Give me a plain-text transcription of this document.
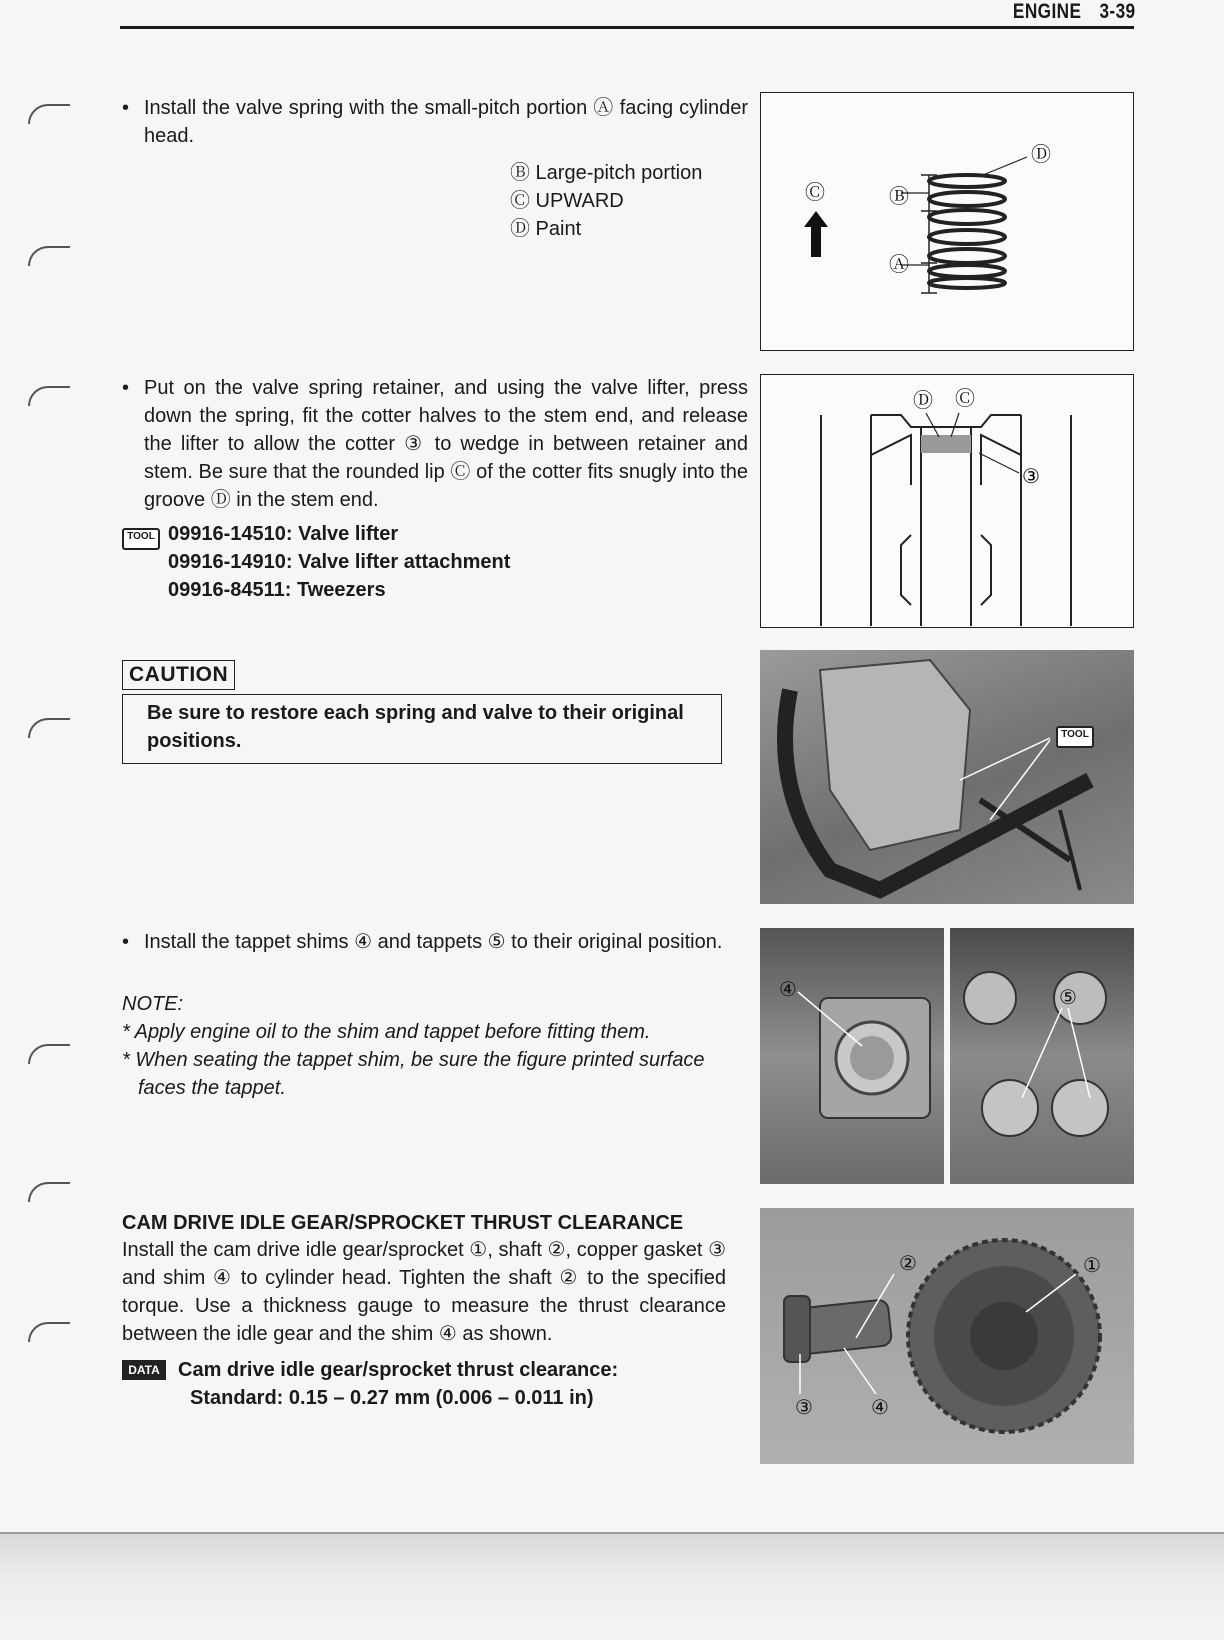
ENGINE 3-39
• Install the valve spring with the small-pitch portion Ⓐ facing cylinder head.
Ⓑ Large-pitch portion
Ⓒ UPWARD
Ⓓ Paint
Ⓒ	Ⓑ
Ⓐ
Ⓓ
• Put on the valve spring retainer, and using the valve lifter, press down the spring, fit the cotter halves to the stem end, and release the lifter to allow the cotter ③ to wedge in between retainer and stem. Be sure that the rounded lip Ⓒ of the cotter fits snugly into the groove Ⓓ in the stem end.
TOOL 09916-14510: Valve lifter
09916-14910: Valve lifter attachment
09916-84511: Tweezers
Ⓓ Ⓒ
③
CAUTION
Be sure to restore each spring and valve to their original positions.	TOOL
• Install the tappet shims ④ and tappets ⑤ to their original position.
NOTE:
* Apply engine oil to the shim and tappet before fitting them.
* When seating the tappet shim, be sure the figure printed surface faces the tappet.
④	⑤
CAM DRIVE IDLE GEAR/SPROCKET THRUST CLEARANCE
Install the cam drive idle gear/sprocket ①, shaft ②, copper gasket ③ and shim ④ to cylinder head. Tighten the shaft ② to the specified torque. Use a thickness gauge to measure the thrust clearance between the idle gear and the shim ④ as shown.
DATA Cam drive idle gear/sprocket thrust clearance:
Standard: 0.15 – 0.27 mm (0.006 – 0.011 in)
②	①
③	④
